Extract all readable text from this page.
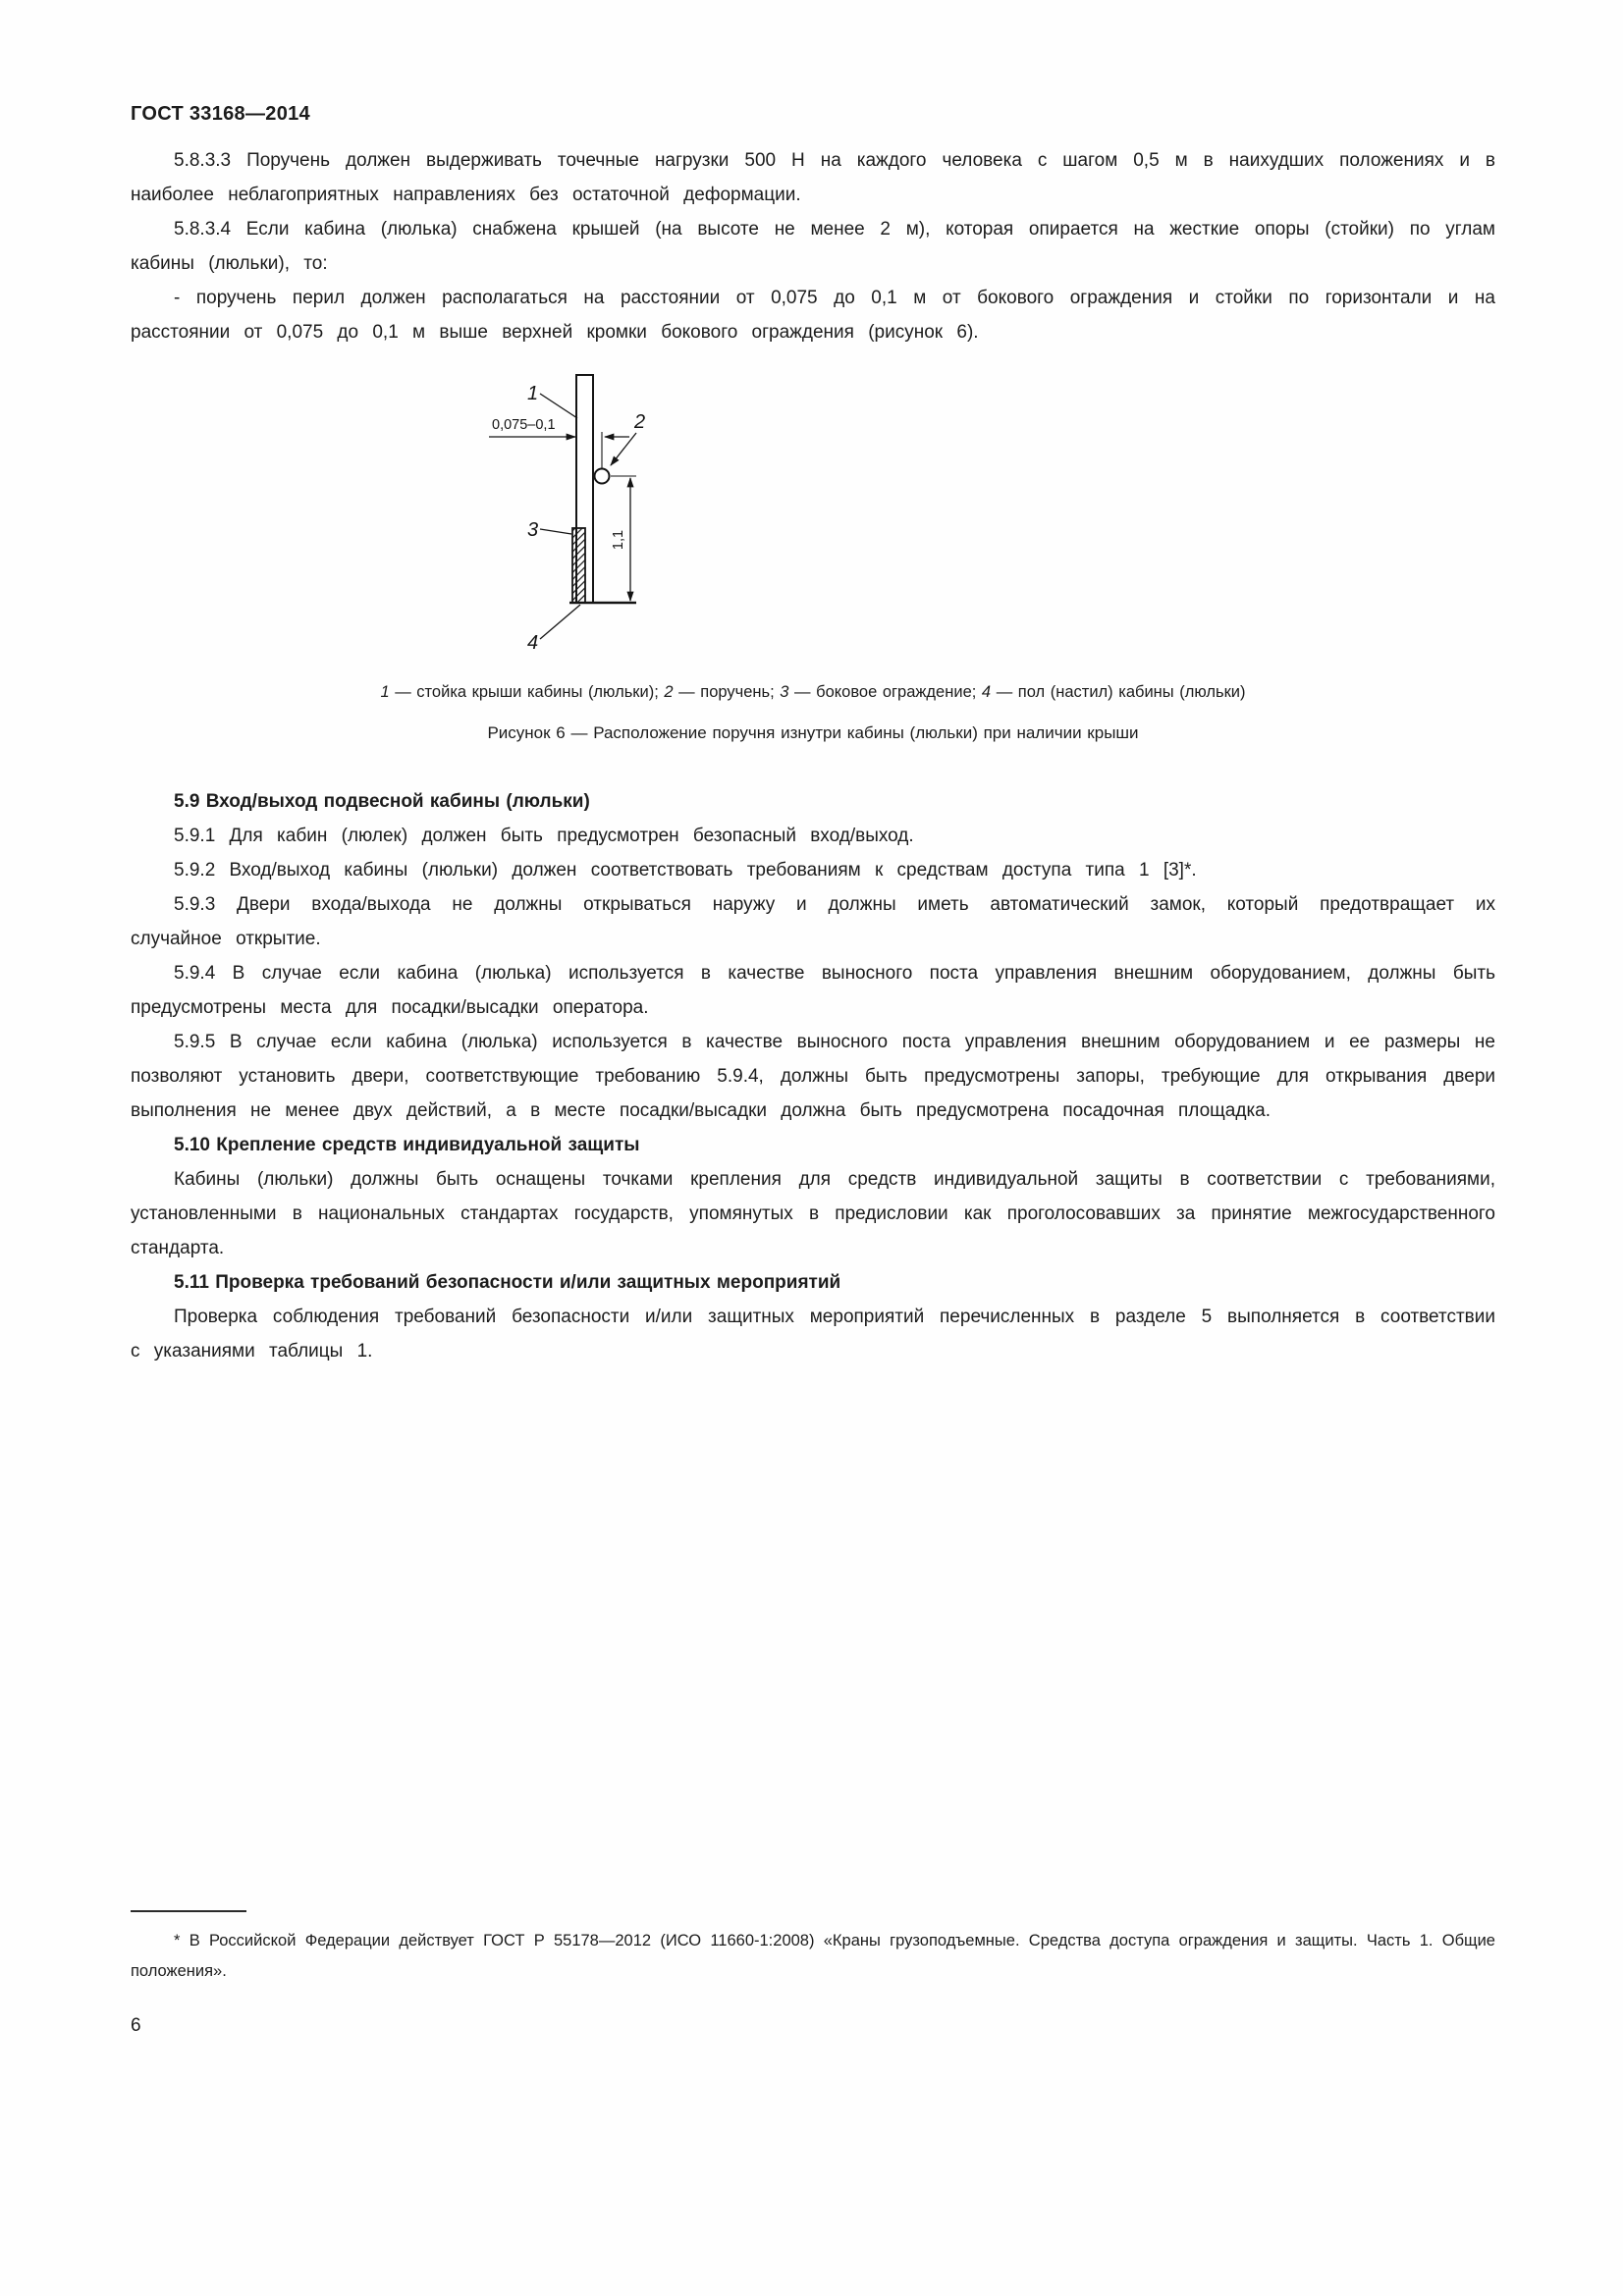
ГОСТ 33168—2014

5.8.3.3 Поручень должен выдерживать точечные нагрузки 500 Н на каждого человека с шагом 0,5 м в наихудших положениях и в наиболее неблагоприятных направлениях без остаточной деформации.

5.8.3.4 Если кабина (люлька) снабжена крышей (на высоте не менее 2 м), которая опирается на жесткие опоры (стойки) по углам кабины (люльки), то:

- поручень перил должен располагаться на расстоянии от 0,075 до 0,1 м от бокового ограждения и стойки по горизонтали и на расстоянии от 0,075 до 0,1 м выше верхней кромки бокового ограждения (рисунок 6).

1
0,075–0,1	2
1,1
3
4
1 — стойка крыши кабины (люльки); 2 — поручень; 3 — боковое ограждение; 4 — пол (настил) кабины (люльки)
Рисунок 6 — Расположение поручня изнутри кабины (люльки) при наличии крыши

5.9 Вход/выход подвесной кабины (люльки)

5.9.1 Для кабин (люлек) должен быть предусмотрен безопасный вход/выход.

5.9.2 Вход/выход кабины (люльки) должен соответствовать требованиям к средствам доступа типа 1 [3]*.

5.9.3 Двери входа/выхода не должны открываться наружу и должны иметь автоматический замок, который предотвращает их случайное открытие.

5.9.4 В случае если кабина (люлька) используется в качестве выносного поста управления внешним оборудованием, должны быть предусмотрены места для посадки/высадки оператора.

5.9.5 В случае если кабина (люлька) используется в качестве выносного поста управления внешним оборудованием и ее размеры не позволяют установить двери, соответствующие требованию 5.9.4, должны быть предусмотрены запоры, требующие для открывания двери выполнения не менее двух действий, а в месте посадки/высадки должна быть предусмотрена посадочная площадка.

5.10 Крепление средств индивидуальной защиты

Кабины (люльки) должны быть оснащены точками крепления для средств индивидуальной защиты в соответствии с требованиями, установленными в национальных стандартах государств, упомянутых в предисловии как проголосовавших за принятие межгосударственного стандарта.

5.11 Проверка требований безопасности и/или защитных мероприятий

Проверка соблюдения требований безопасности и/или защитных мероприятий перечисленных в разделе 5 выполняется в соответствии с указаниями таблицы 1.

* В Российской Федерации действует ГОСТ Р 55178—2012 (ИСО 11660-1:2008) «Краны грузоподъемные. Средства доступа ограждения и защиты. Часть 1. Общие положения».

6
